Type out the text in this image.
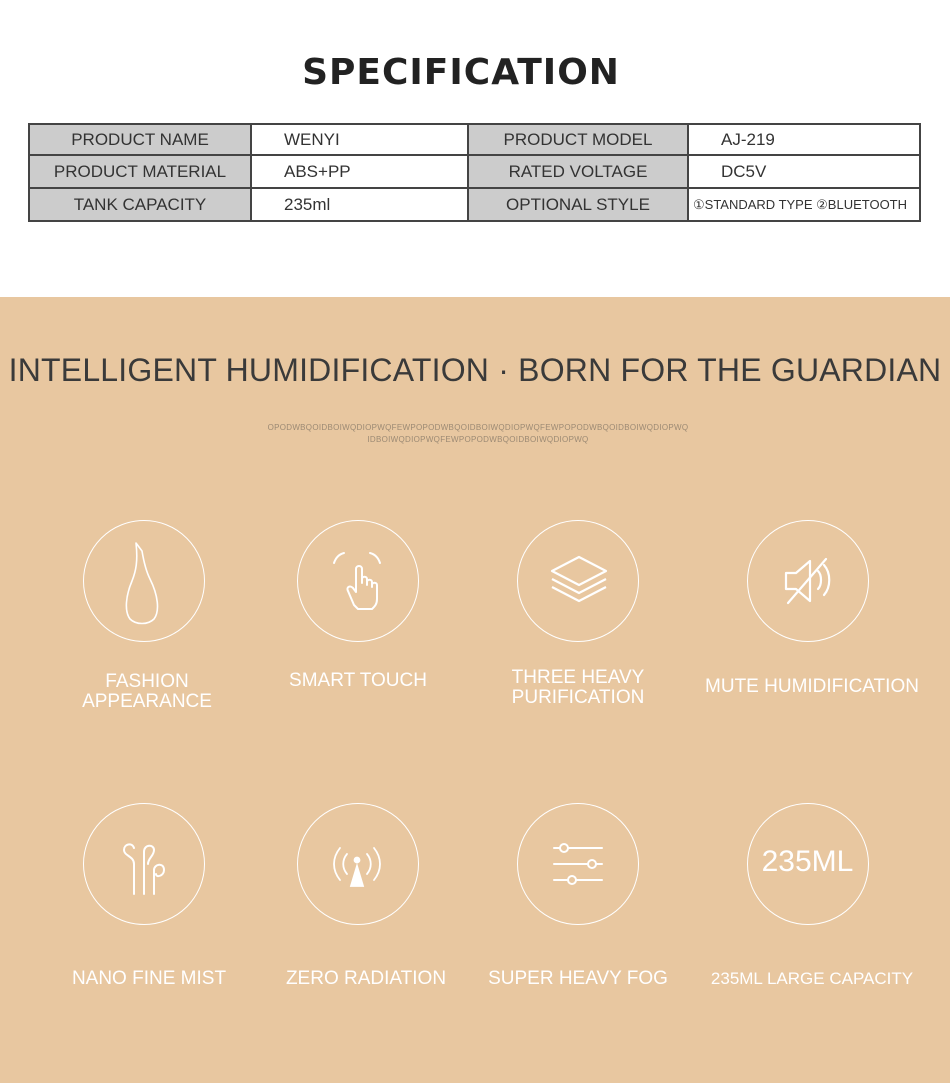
SPECIFICATION
PRODUCT NAME	WENYI	PRODUCT MODEL	AJ-219
PRODUCT MATERIAL	ABS+PP	RATED VOLTAGE	DC5V
TANK CAPACITY	235ml	OPTIONAL STYLE	①STANDARD TYPE ②BLUETOOTH
INTELLIGENT HUMIDIFICATION · BORN FOR THE GUARDIAN
OPODWBQOIDBOIWQDIOPWQFEWPOPODWBQOIDBOIWQDIOPWQFEWPOPODWBQOIDBOIWQDIOPWQ
IDBOIWQDIOPWQFEWPOPODWBQOIDBOIWQDIOPWQ
FASHION
APPEARANCE
SMART TOUCH	THREE HEAVY
PURIFICATION
MUTE HUMIDIFICATION
235ML
NANO FINE MIST	ZERO RADIATION	SUPER HEAVY FOG	235ML LARGE CAPACITY
